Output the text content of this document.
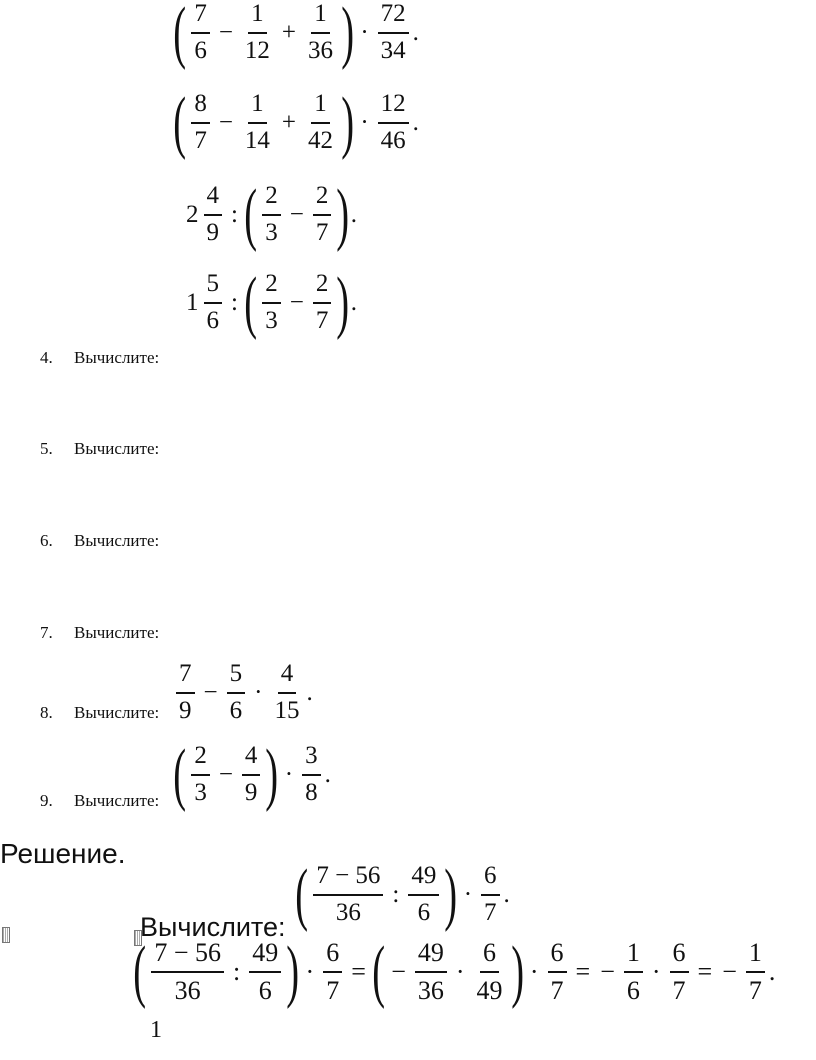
( $\frac{7}{6} - \frac{1}{12} + \frac{1}{36}$ ) · $\frac{72}{34}$ .
( $\frac{8}{7} - \frac{1}{14} + \frac{1}{42}$ ) · $\frac{12}{46}$ .
$2 \frac{4}{9}$ : ( $\frac{2}{3} - \frac{2}{7}$ ) .
$1 \frac{5}{6}$ : ( $\frac{2}{3} - \frac{2}{7}$ ) .
4. Вычислите:
5. Вычислите:
6. Вычислите:
7. Вычислите:
8. Вычислите: $\frac{7}{9} - \frac{5}{6} \cdot \frac{4}{15}$ .
9. Вычислите: ( $\frac{2}{3} - \frac{4}{9}$ ) · $\frac{3}{8}$ .
Решение.
Вычислите: ( $\frac{7 - 56}{36}$ : $\frac{49}{6}$ ) · $\frac{6}{7}$ .
( $\frac{7 - 56}{36}$ : $\frac{49}{6}$ ) · $\frac{6}{7}$ = ( − $\frac{49}{36} \cdot \frac{6}{49}$ ) · $\frac{6}{7}$ = − $\frac{1}{6} \cdot \frac{6}{7}$ = − $\frac{1}{7}$ .
1
